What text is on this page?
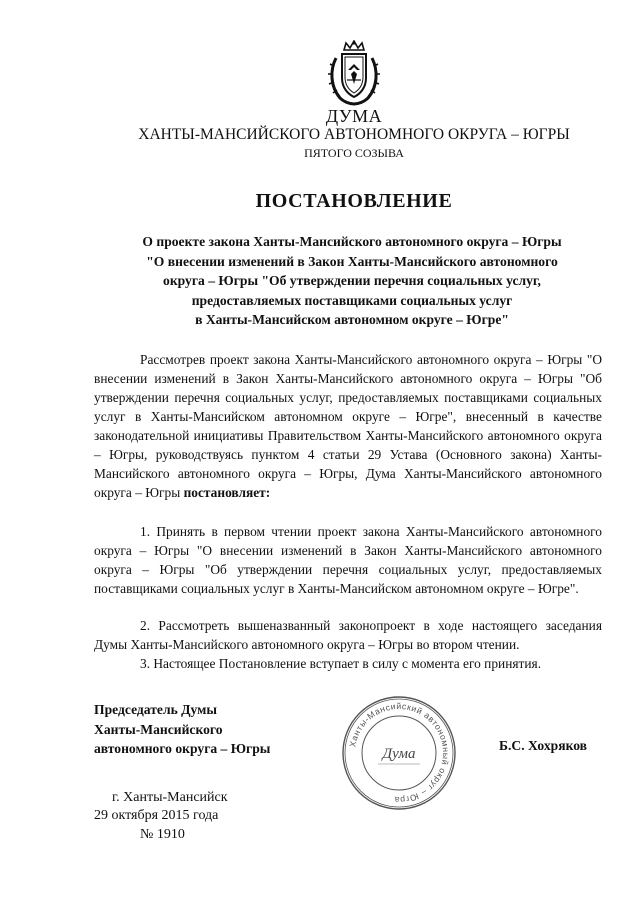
ДУМА
ХАНТЫ-МАНСИЙСКОГО АВТОНОМНОГО ОКРУГА – ЮГРЫ
ПЯТОГО СОЗЫВА
ПОСТАНОВЛЕНИЕ
О проекте закона Ханты-Мансийского автономного округа – Югры
"О внесении изменений в Закон Ханты-Мансийского автономного
округа – Югры "Об утверждении перечня социальных услуг,
предоставляемых поставщиками социальных услуг
в Ханты-Мансийском автономном округе – Югре"

Рассмотрев проект закона Ханты-Мансийского автономного округа – Югры "О внесении изменений в Закон Ханты-Мансийского автономного округа – Югры "Об утверждении перечня социальных услуг, предоставляемых поставщиками социальных услуг в Ханты-Мансийском автономном округе – Югре", внесенный в качестве законодательной инициативы Правительством Ханты-Мансийского автономного округа – Югры, руководствуясь пунктом 4 статьи 29 Устава (Основного закона) Ханты-Мансийского автономного округа – Югры, Дума Ханты-Мансийского автономного округа – Югры постановляет:

1. Принять в первом чтении проект закона Ханты-Мансийского автономного округа – Югры "О внесении изменений в Закон Ханты-Мансийского автономного округа – Югры "Об утверждении перечня социальных услуг, предоставляемых поставщиками социальных услуг в Ханты-Мансийском автономном округе – Югре".

2. Рассмотреть вышеназванный законопроект в ходе настоящего заседания Думы Ханты-Мансийского автономного округа – Югры во втором чтении.

3. Настоящее Постановление вступает в силу с момента его принятия.

Председатель Думы
Ханты-Мансийского
автономного округа – Югры	Ханты-Мансийский автономный округ – Югра
Дума
Б.С. Хохряков
г. Ханты-Мансийск
29 октября 2015 года
№ 1910
